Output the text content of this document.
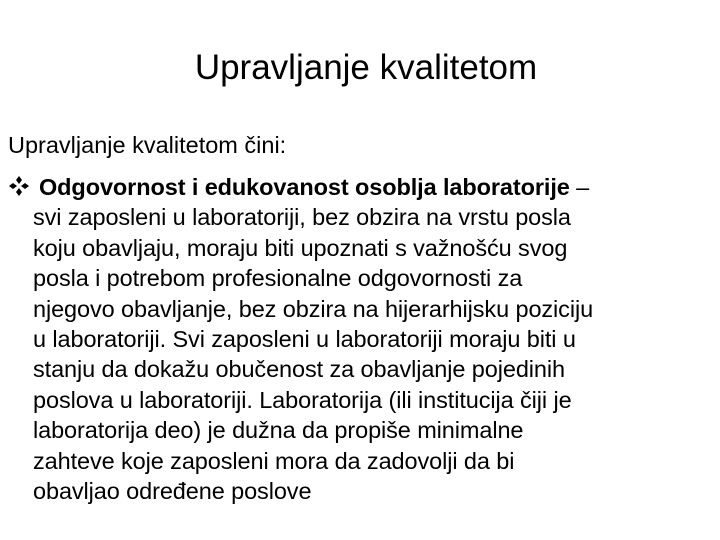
Upravljanje kvalitetom
Upravljanje kvalitetom čini:
Odgovornost i edukovanost osoblja laboratorije –
svi zaposleni u laboratoriji, bez obzira na vrstu posla
koju obavljaju, moraju biti upoznati s važnošću svog
posla i potrebom profesionalne odgovornosti za
njegovo obavljanje, bez obzira na hijerarhijsku poziciju
u laboratoriji. Svi zaposleni u laboratoriji moraju biti u
stanju da dokažu obučenost za obavljanje pojedinih
poslova u laboratoriji. Laboratorija (ili institucija čiji je
laboratorija deo) je dužna da propiše minimalne
zahteve koje zaposleni mora da zadovolji da bi
obavljao određene poslove
